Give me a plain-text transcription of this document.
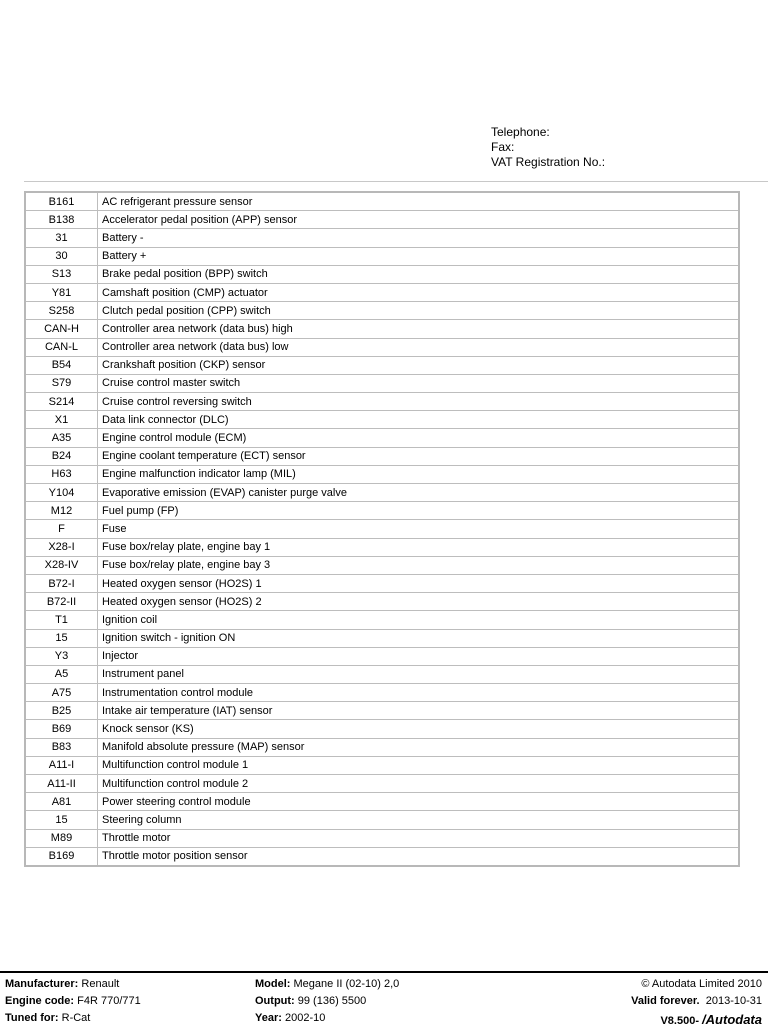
Telephone:
Fax:
VAT Registration No.:
B161	AC refrigerant pressure sensor
B138	Accelerator pedal position (APP) sensor
31	Battery -
30	Battery +
S13	Brake pedal position (BPP) switch
Y81	Camshaft position (CMP) actuator
S258	Clutch pedal position (CPP) switch
CAN-H	Controller area network (data bus) high
CAN-L	Controller area network (data bus) low
B54	Crankshaft position (CKP) sensor
S79	Cruise control master switch
S214	Cruise control reversing switch
X1	Data link connector (DLC)
A35	Engine control module (ECM)
B24	Engine coolant temperature (ECT) sensor
H63	Engine malfunction indicator lamp (MIL)
Y104	Evaporative emission (EVAP) canister purge valve
M12	Fuel pump (FP)
F	Fuse
X28-I	Fuse box/relay plate, engine bay 1
X28-IV	Fuse box/relay plate, engine bay 3
B72-I	Heated oxygen sensor (HO2S) 1
B72-II	Heated oxygen sensor (HO2S) 2
T1	Ignition coil
15	Ignition switch - ignition ON
Y3	Injector
A5	Instrument panel
A75	Instrumentation control module
B25	Intake air temperature (IAT) sensor
B69	Knock sensor (KS)
B83	Manifold absolute pressure (MAP) sensor
A11-I	Multifunction control module 1
A11-II	Multifunction control module 2
A81	Power steering control module
15	Steering column
M89	Throttle motor
B169	Throttle motor position sensor
Manufacturer: Renault	Model: Megane II (02-10) 2,0	© Autodata Limited 2010
Engine code: F4R 770/771	Output: 99 (136) 5500	Valid forever. 2013-10-31
Tuned for: R-Cat	Year: 2002-10	V8.500- /Autodata
